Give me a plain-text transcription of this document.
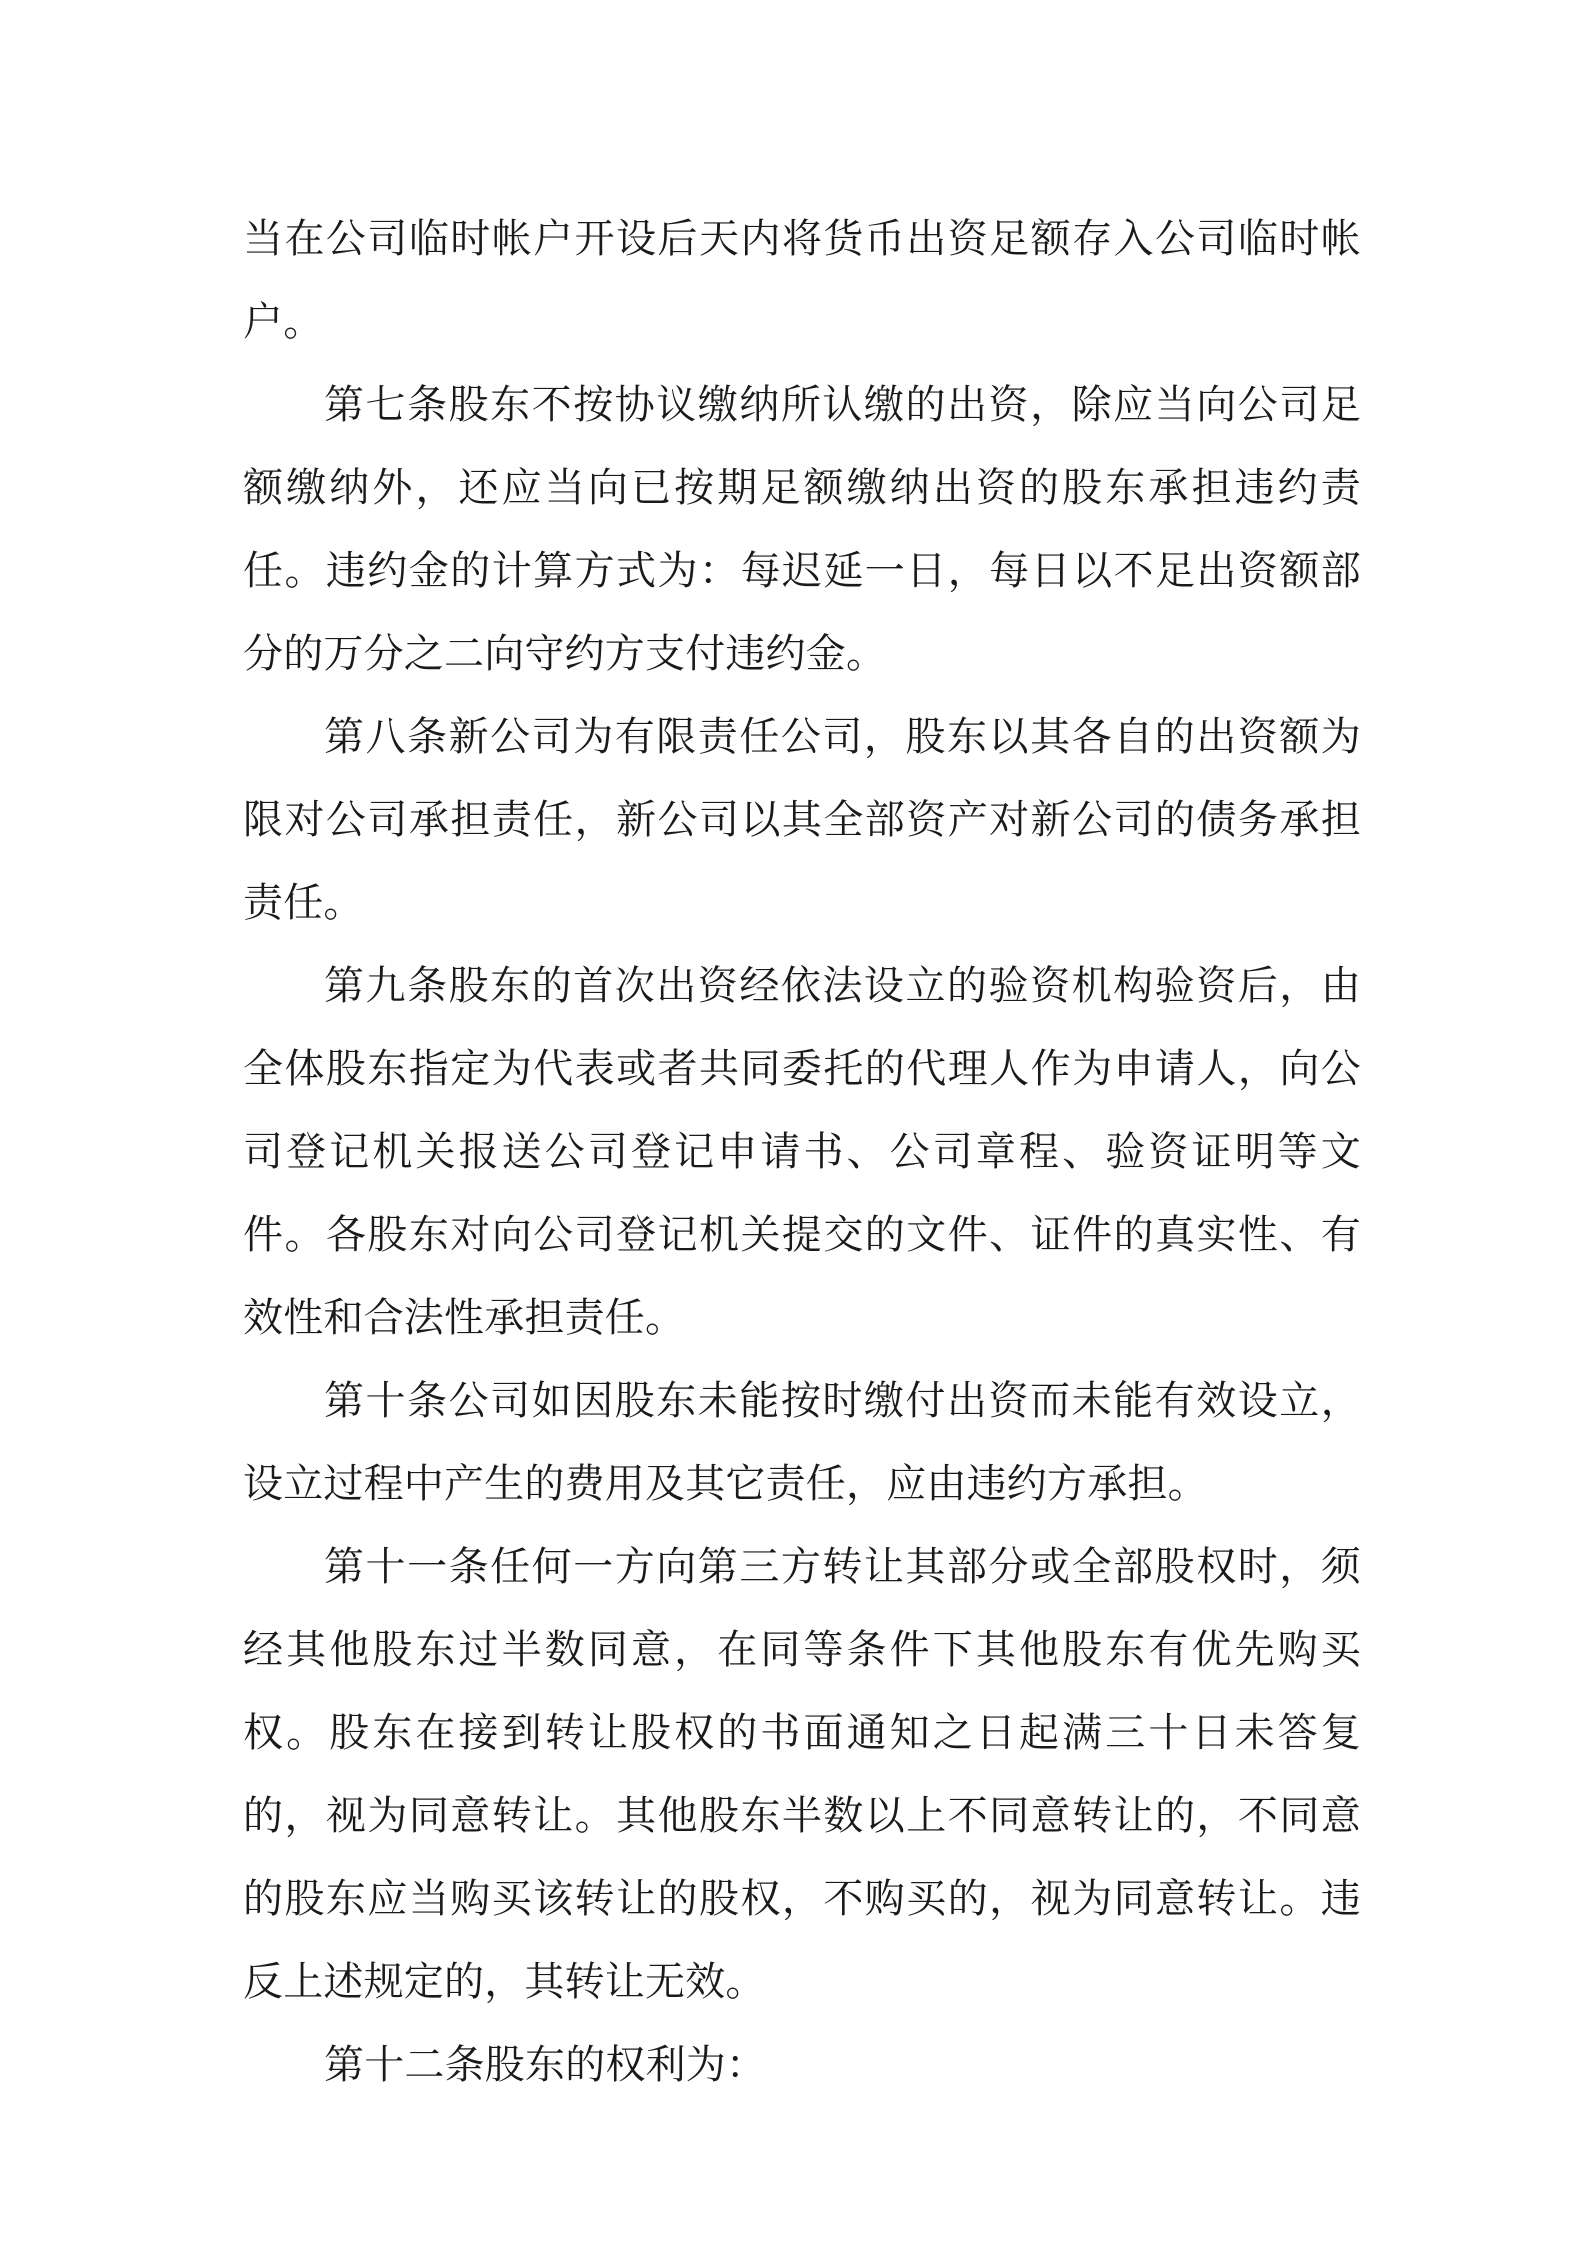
当在公司临时帐户开设后天内将货币出资足额存入公司临时帐户。

第七条股东不按协议缴纳所认缴的出资，除应当向公司足额缴纳外，还应当向已按期足额缴纳出资的股东承担违约责任。违约金的计算方式为：每迟延一日，每日以不足出资额部分的万分之二向守约方支付违约金。

第八条新公司为有限责任公司，股东以其各自的出资额为限对公司承担责任，新公司以其全部资产对新公司的债务承担责任。

第九条股东的首次出资经依法设立的验资机构验资后，由全体股东指定为代表或者共同委托的代理人作为申请人，向公司登记机关报送公司登记申请书、公司章程、验资证明等文件。各股东对向公司登记机关提交的文件、证件的真实性、有效性和合法性承担责任。

第十条公司如因股东未能按时缴付出资而未能有效设立，设立过程中产生的费用及其它责任，应由违约方承担。

第十一条任何一方向第三方转让其部分或全部股权时，须经其他股东过半数同意，在同等条件下其他股东有优先购买权。股东在接到转让股权的书面通知之日起满三十日未答复的，视为同意转让。其他股东半数以上不同意转让的，不同意的股东应当购买该转让的股权，不购买的，视为同意转让。违反上述规定的，其转让无效。

第十二条股东的权利为：
